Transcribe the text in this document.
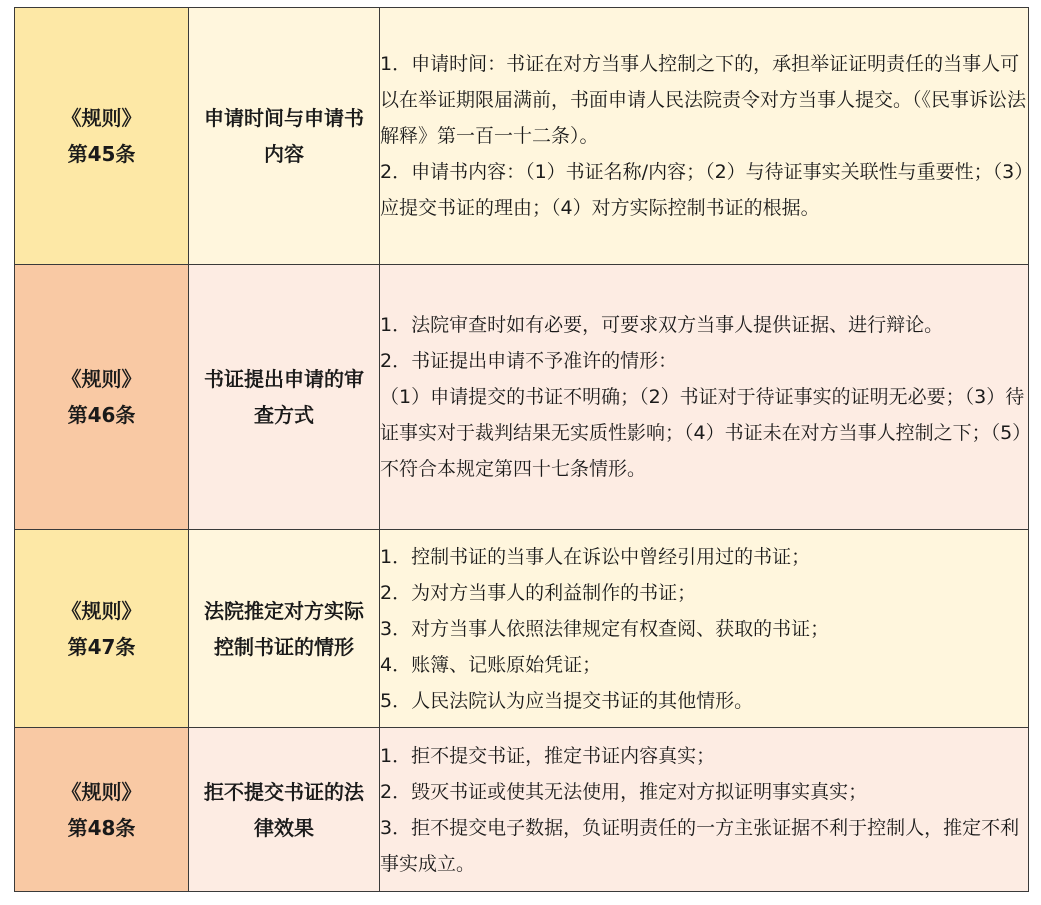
《规则》
第45条	申请时间与申请书内容	1．申请时间：书证在对方当事人控制之下的，承担举证证明责任的当事人可以在举证期限届满前，书面申请人民法院责令对方当事人提交。（《民事诉讼法解释》第一百一十二条）。
2．申请书内容：（1）书证名称/内容；（2）与待证事实关联性与重要性；（3）应提交书证的理由；（4）对方实际控制书证的根据。

《规则》
第46条	书证提出申请的审查方式	1．法院审查时如有必要，可要求双方当事人提供证据、进行辩论。
2．书证提出申请不予准许的情形：
（1）申请提交的书证不明确；（2）书证对于待证事实的证明无必要；（3）待证事实对于裁判结果无实质性影响；（4）书证未在对方当事人控制之下；（5）不符合本规定第四十七条情形。

《规则》
第47条	法院推定对方实际控制书证的情形	1．控制书证的当事人在诉讼中曾经引用过的书证；
2．为对方当事人的利益制作的书证；
3．对方当事人依照法律规定有权查阅、获取的书证；
4．账簿、记账原始凭证；
5．人民法院认为应当提交书证的其他情形。

《规则》
第48条	拒不提交书证的法律效果	1．拒不提交书证，推定书证内容真实；
2．毁灭书证或使其无法使用，推定对方拟证明事实真实；
3．拒不提交电子数据，负证明责任的一方主张证据不利于控制人，推定不利事实成立。
